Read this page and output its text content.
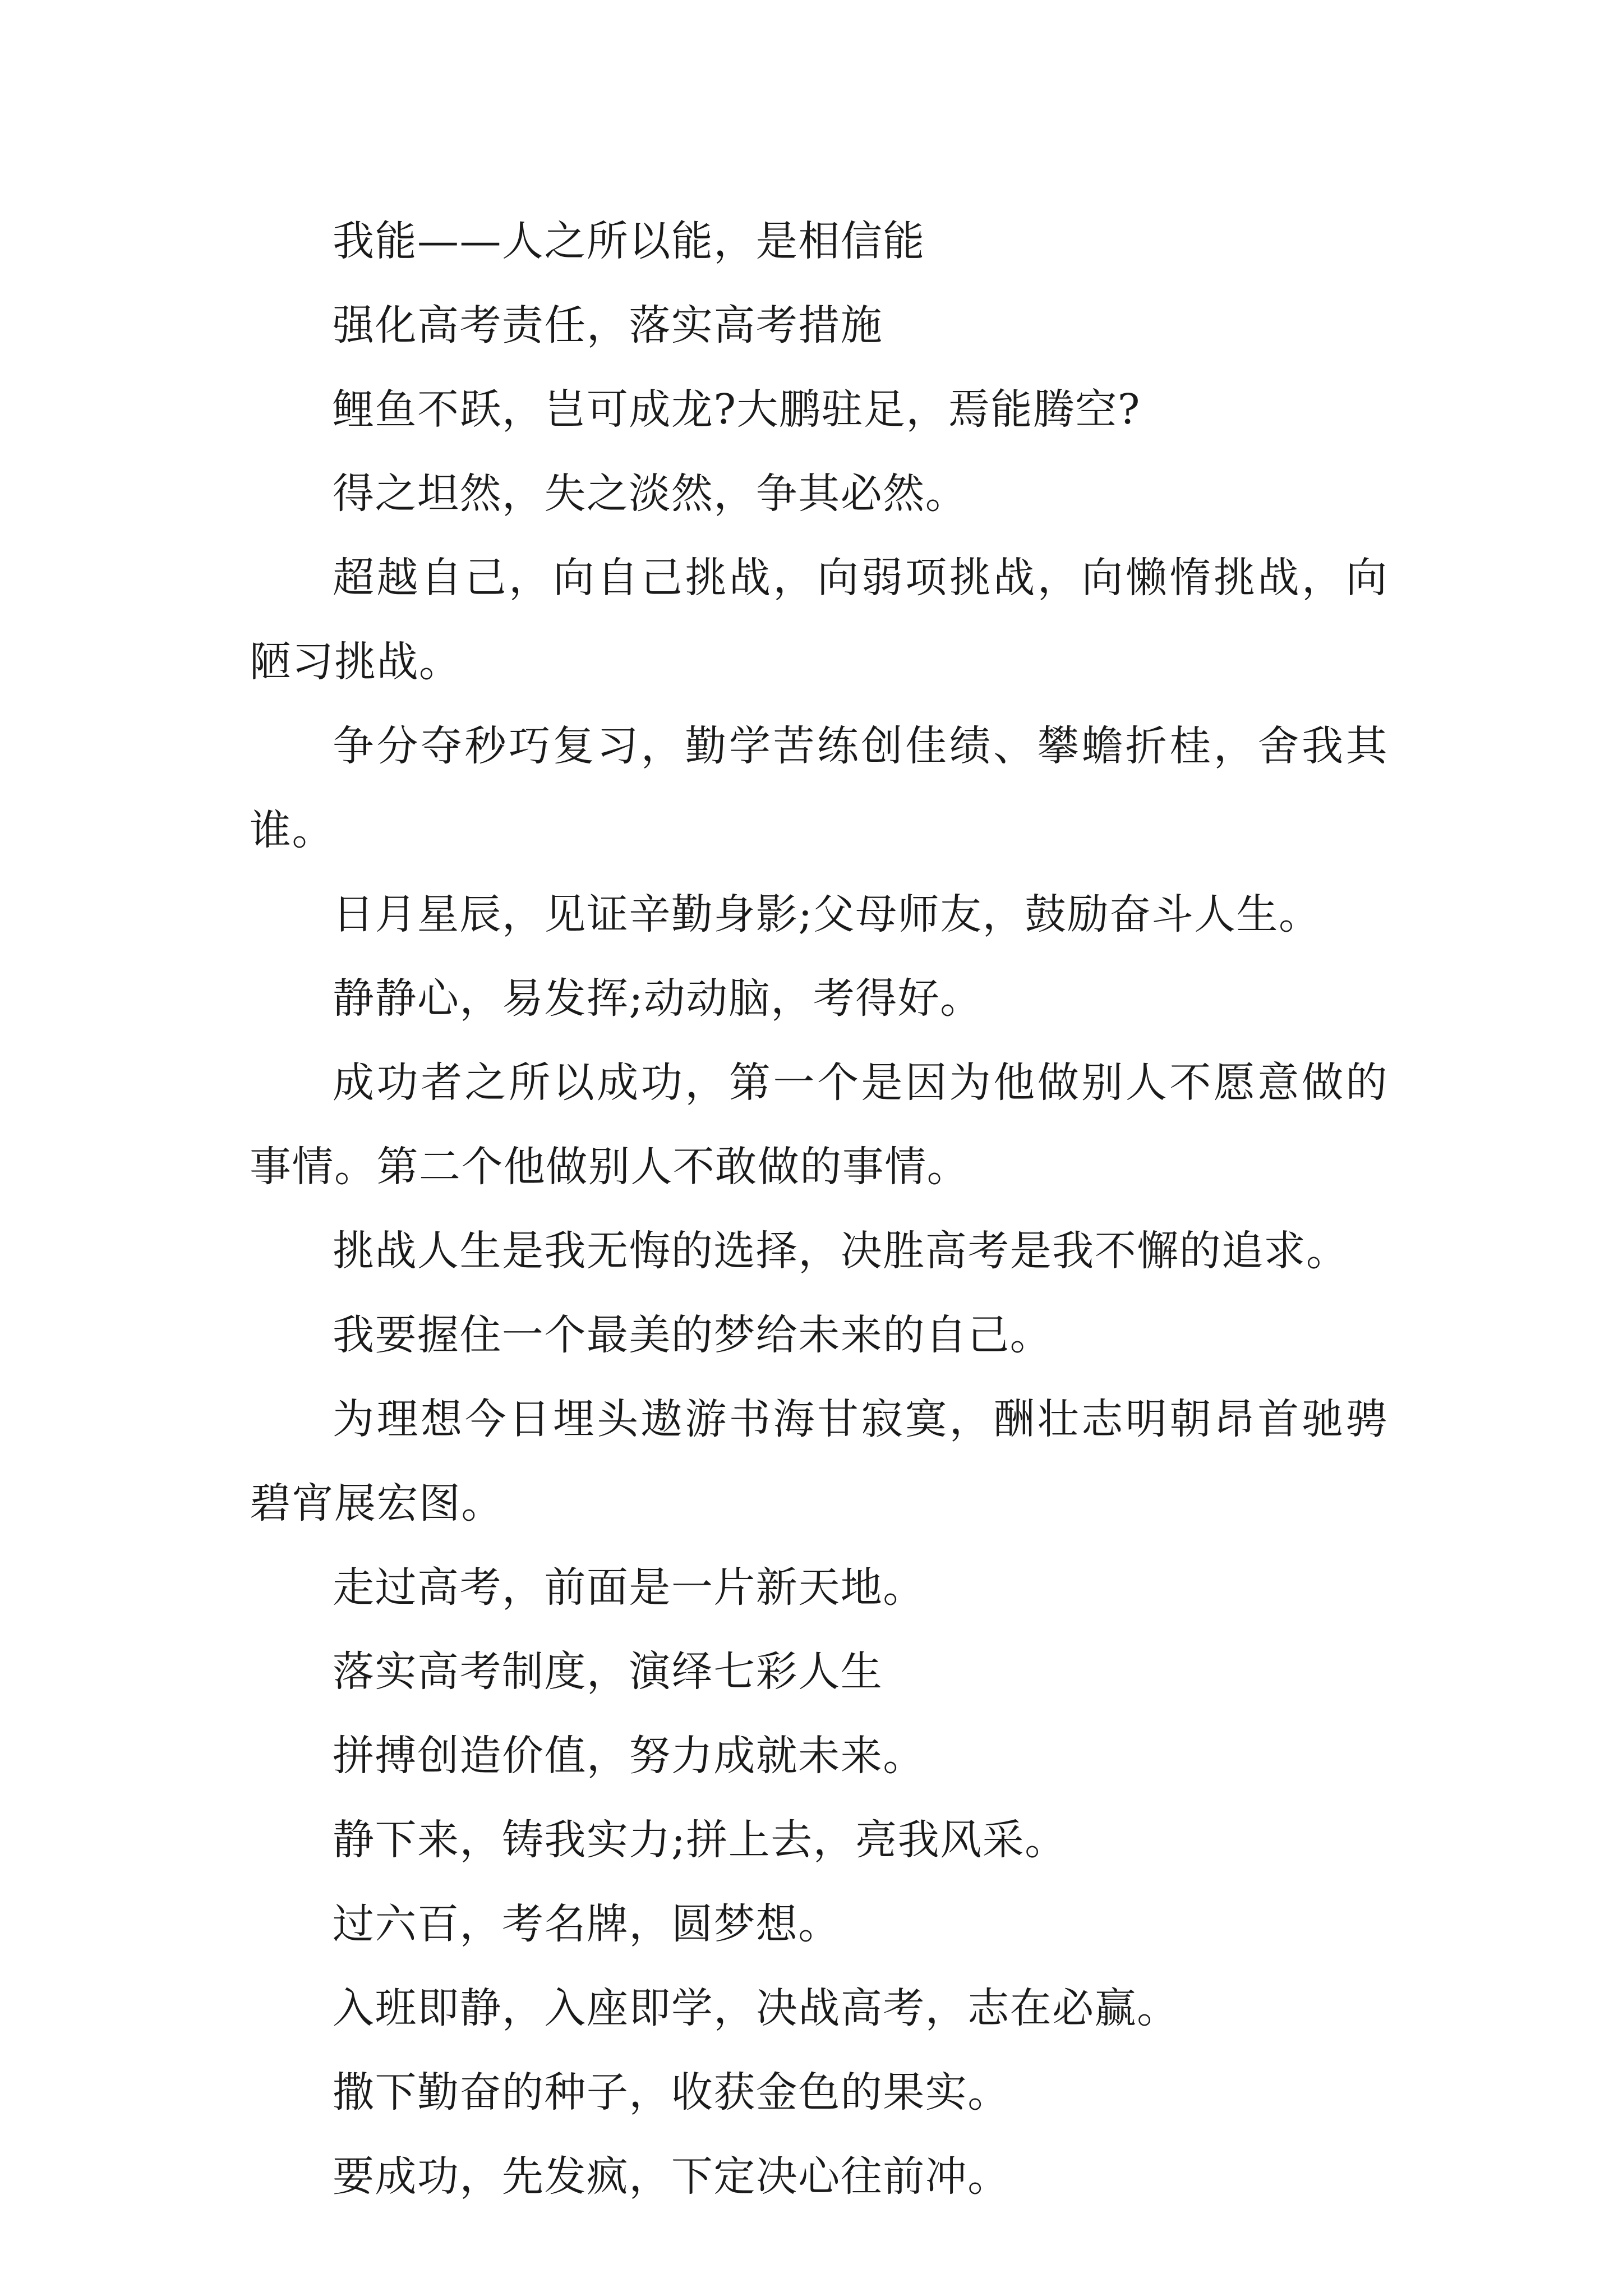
我能——人之所以能，是相信能

强化高考责任，落实高考措施

鲤鱼不跃，岂可成龙?大鹏驻足，焉能腾空?

得之坦然，失之淡然，争其必然。

超越自己，向自己挑战，向弱项挑战，向懒惰挑战，向陋习挑战。

争分夺秒巧复习，勤学苦练创佳绩、攀蟾折桂，舍我其谁。

日月星辰，见证辛勤身影;父母师友，鼓励奋斗人生。

静静心，易发挥;动动脑，考得好。

成功者之所以成功，第一个是因为他做别人不愿意做的事情。第二个他做别人不敢做的事情。

挑战人生是我无悔的选择，决胜高考是我不懈的追求。

我要握住一个最美的梦给未来的自己。

为理想今日埋头遨游书海甘寂寞，酬壮志明朝昂首驰骋碧宵展宏图。

走过高考，前面是一片新天地。

落实高考制度，演绎七彩人生

拼搏创造价值，努力成就未来。

静下来，铸我实力;拼上去，亮我风采。

过六百，考名牌，圆梦想。

入班即静，入座即学，决战高考，志在必赢。

撒下勤奋的种子，收获金色的果实。

要成功，先发疯，下定决心往前冲。
